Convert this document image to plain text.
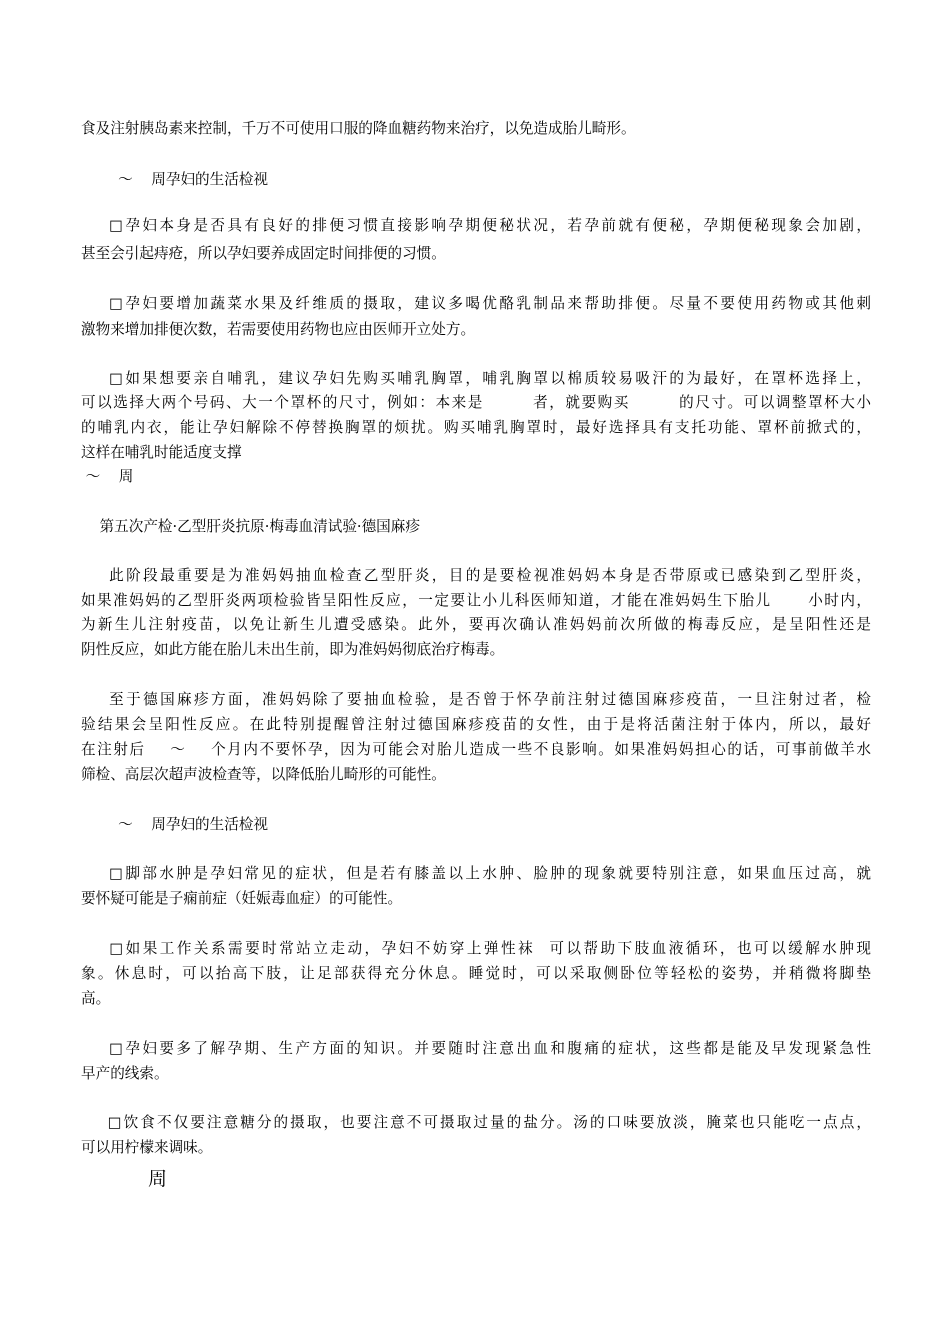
食及注射胰岛素来控制，千万不可使用口服的降血糖药物来治疗，以免造成胎儿畸形。
～    周孕妇的生活检视
□孕妇本身是否具有良好的排便习惯直接影响孕期便秘状况，若孕前就有便秘，孕期便秘现象会加剧，
甚至会引起痔疮，所以孕妇要养成固定时间排便的习惯。
□孕妇要增加蔬菜水果及纤维质的摄取，建议多喝优酪乳制品来帮助排便。尽量不要使用药物或其他刺
激物来增加排便次数，若需要使用药物也应由医师开立处方。
□如果想要亲自哺乳，建议孕妇先购买哺乳胸罩，哺乳胸罩以棉质较易吸汗的为最好，在罩杯选择上，
可以选择大两个号码、大一个罩杯的尺寸，例如：本来是        者，就要购买        的尺寸。可以调整罩杯大小
的哺乳内衣，能让孕妇解除不停替换胸罩的烦扰。购买哺乳胸罩时，最好选择具有支托功能、罩杯前掀式的，
这样在哺乳时能适度支撑
～    周
第五次产检·乙型肝炎抗原·梅毒血清试验·德国麻疹
此阶段最重要是为准妈妈抽血检查乙型肝炎，目的是要检视准妈妈本身是否带原或已感染到乙型肝炎，
如果准妈妈的乙型肝炎两项检验皆呈阳性反应，一定要让小儿科医师知道，才能在准妈妈生下胎儿      小时内，
为新生儿注射疫苗，以免让新生儿遭受感染。此外，要再次确认准妈妈前次所做的梅毒反应，是呈阳性还是
阴性反应，如此方能在胎儿未出生前，即为准妈妈彻底治疗梅毒。
至于德国麻疹方面，准妈妈除了要抽血检验，是否曾于怀孕前注射过德国麻疹疫苗，一旦注射过者，检
验结果会呈阳性反应。在此特别提醒曾注射过德国麻疹疫苗的女性，由于是将活菌注射于体内，所以，最好
在注射后    ～    个月内不要怀孕，因为可能会对胎儿造成一些不良影响。如果准妈妈担心的话，可事前做羊水
筛检、高层次超声波检查等，以降低胎儿畸形的可能性。
～    周孕妇的生活检视
□脚部水肿是孕妇常见的症状，但是若有膝盖以上水肿、脸肿的现象就要特别注意，如果血压过高，就
要怀疑可能是子痫前症（妊娠毒血症）的可能性。
□如果工作关系需要时常站立走动，孕妇不妨穿上弹性袜  可以帮助下肢血液循环，也可以缓解水肿现
象。休息时，可以抬高下肢，让足部获得充分休息。睡觉时，可以采取侧卧位等轻松的姿势，并稍微将脚垫
高。
□孕妇要多了解孕期、生产方面的知识。并要随时注意出血和腹痛的症状，这些都是能及早发现紧急性
早产的线索。
□饮食不仅要注意糖分的摄取，也要注意不可摄取过量的盐分。汤的口味要放淡，腌菜也只能吃一点点，
可以用柠檬来调味。
周
